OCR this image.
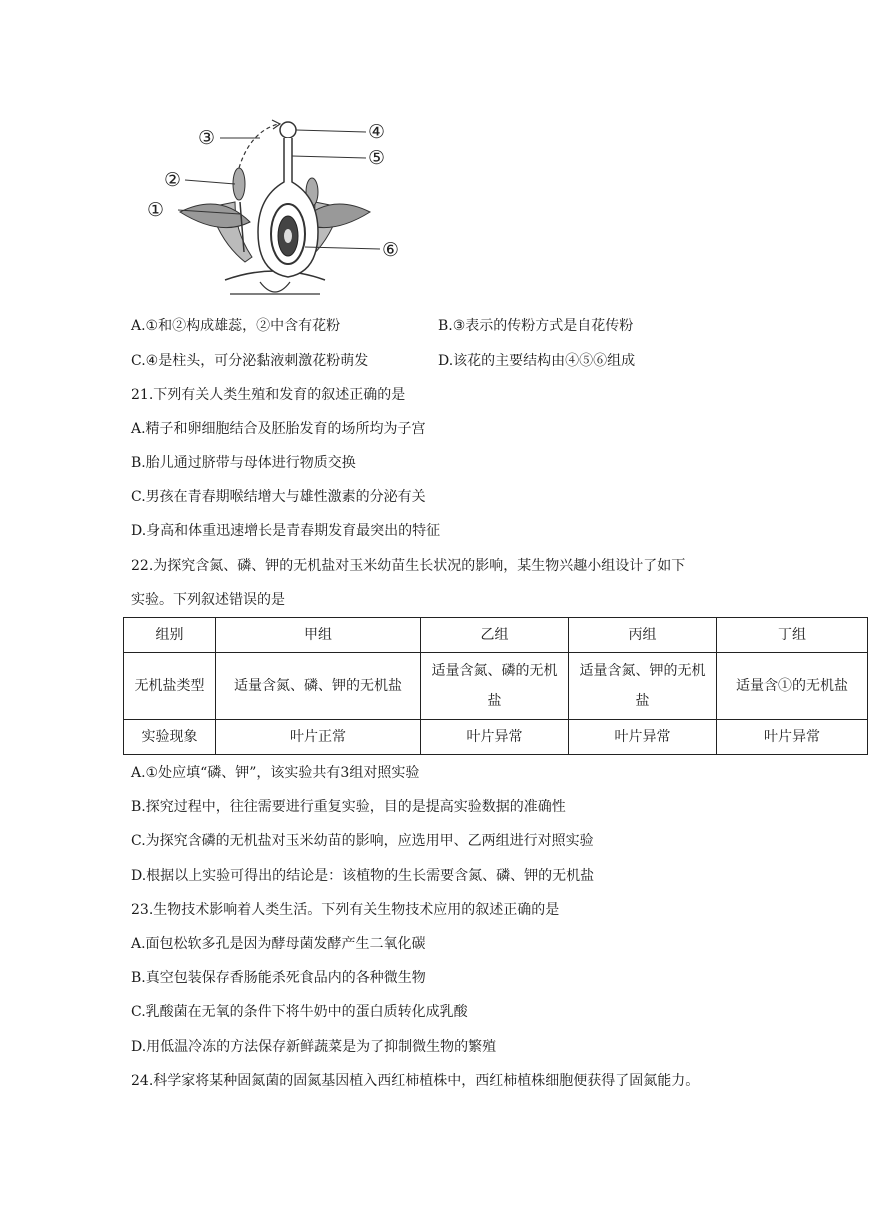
③	④
⑤
②
①
⑥
A.①和②构成雄蕊，②中含有花粉	B.③表示的传粉方式是自花传粉
C.④是柱头，可分泌黏液刺激花粉萌发	D.该花的主要结构由④⑤⑥组成
21.下列有关人类生殖和发育的叙述正确的是
A.精子和卵细胞结合及胚胎发育的场所均为子宫
B.胎儿通过脐带与母体进行物质交换
C.男孩在青春期喉结增大与雄性激素的分泌有关
D.身高和体重迅速增长是青春期发育最突出的特征
22.为探究含氮、磷、钾的无机盐对玉米幼苗生长状况的影响，某生物兴趣小组设计了如下
实验。下列叙述错误的是
组别	甲组	乙组	丙组	丁组
无机盐类型	适量含氮、磷、钾的无机盐	适量含氮、磷的无机盐	适量含氮、钾的无机盐	适量含①的无机盐
实验现象	叶片正常	叶片异常	叶片异常	叶片异常
A.①处应填“磷、钾”，该实验共有3组对照实验
B.探究过程中，往往需要进行重复实验，目的是提高实验数据的准确性
C.为探究含磷的无机盐对玉米幼苗的影响，应选用甲、乙两组进行对照实验
D.根据以上实验可得出的结论是：该植物的生长需要含氮、磷、钾的无机盐
23.生物技术影响着人类生活。下列有关生物技术应用的叙述正确的是
A.面包松软多孔是因为酵母菌发酵产生二氧化碳
B.真空包装保存香肠能杀死食品内的各种微生物
C.乳酸菌在无氧的条件下将牛奶中的蛋白质转化成乳酸
D.用低温冷冻的方法保存新鲜蔬菜是为了抑制微生物的繁殖
24.科学家将某种固氮菌的固氮基因植入西红柿植株中，西红柿植株细胞便获得了固氮能力。
